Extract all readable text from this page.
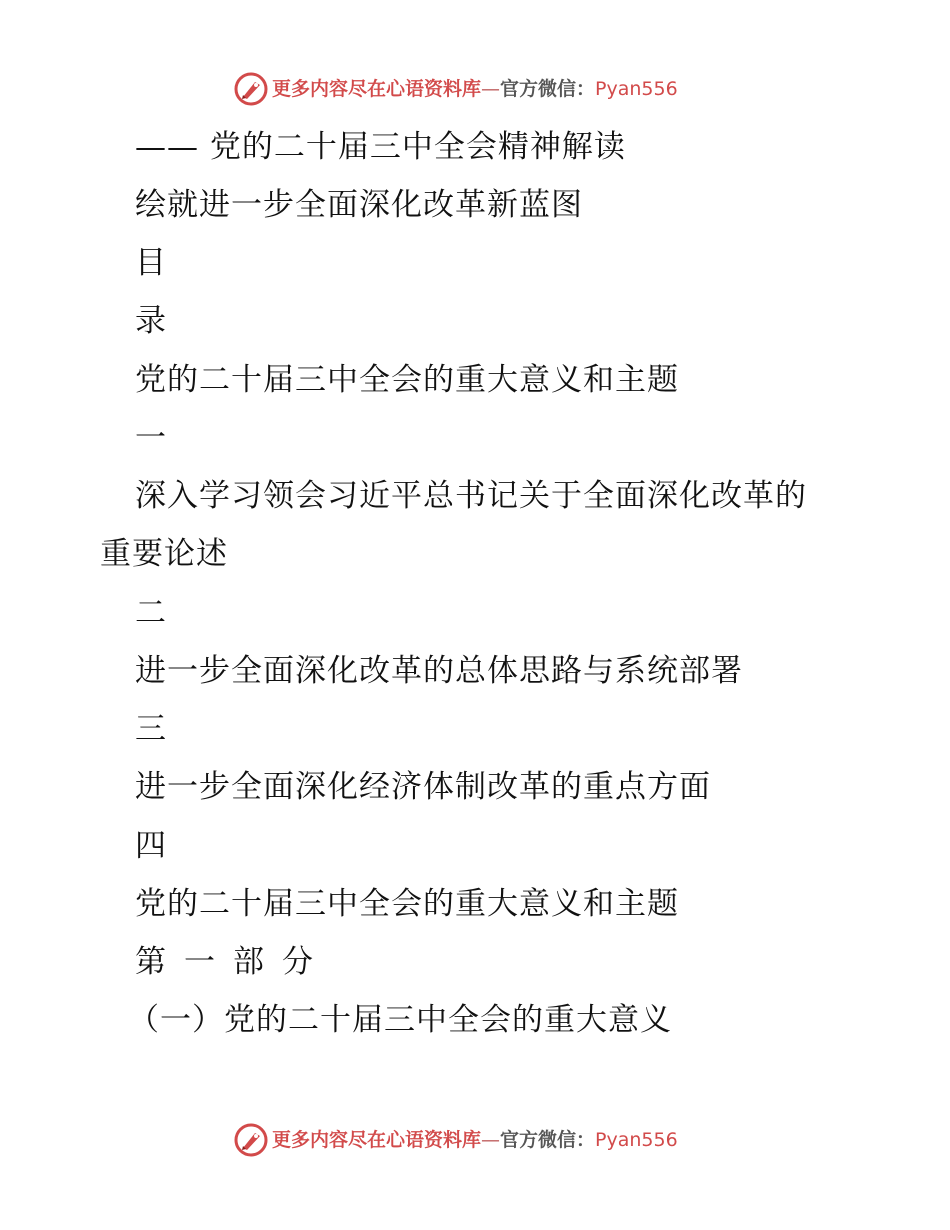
更多内容尽在心语资料库—官方微信：Pyan556
—— 党的二十届三中全会精神解读
绘就进一步全面深化改革新蓝图
目
录
党的二十届三中全会的重大意义和主题
一
深入学习领会习近平总书记关于全面深化改革的
重要论述
二
进一步全面深化改革的总体思路与系统部署
三
进一步全面深化经济体制改革的重点方面
四
党的二十届三中全会的重大意义和主题
第一部分
（一）党的二十届三中全会的重大意义
更多内容尽在心语资料库—官方微信：Pyan556
